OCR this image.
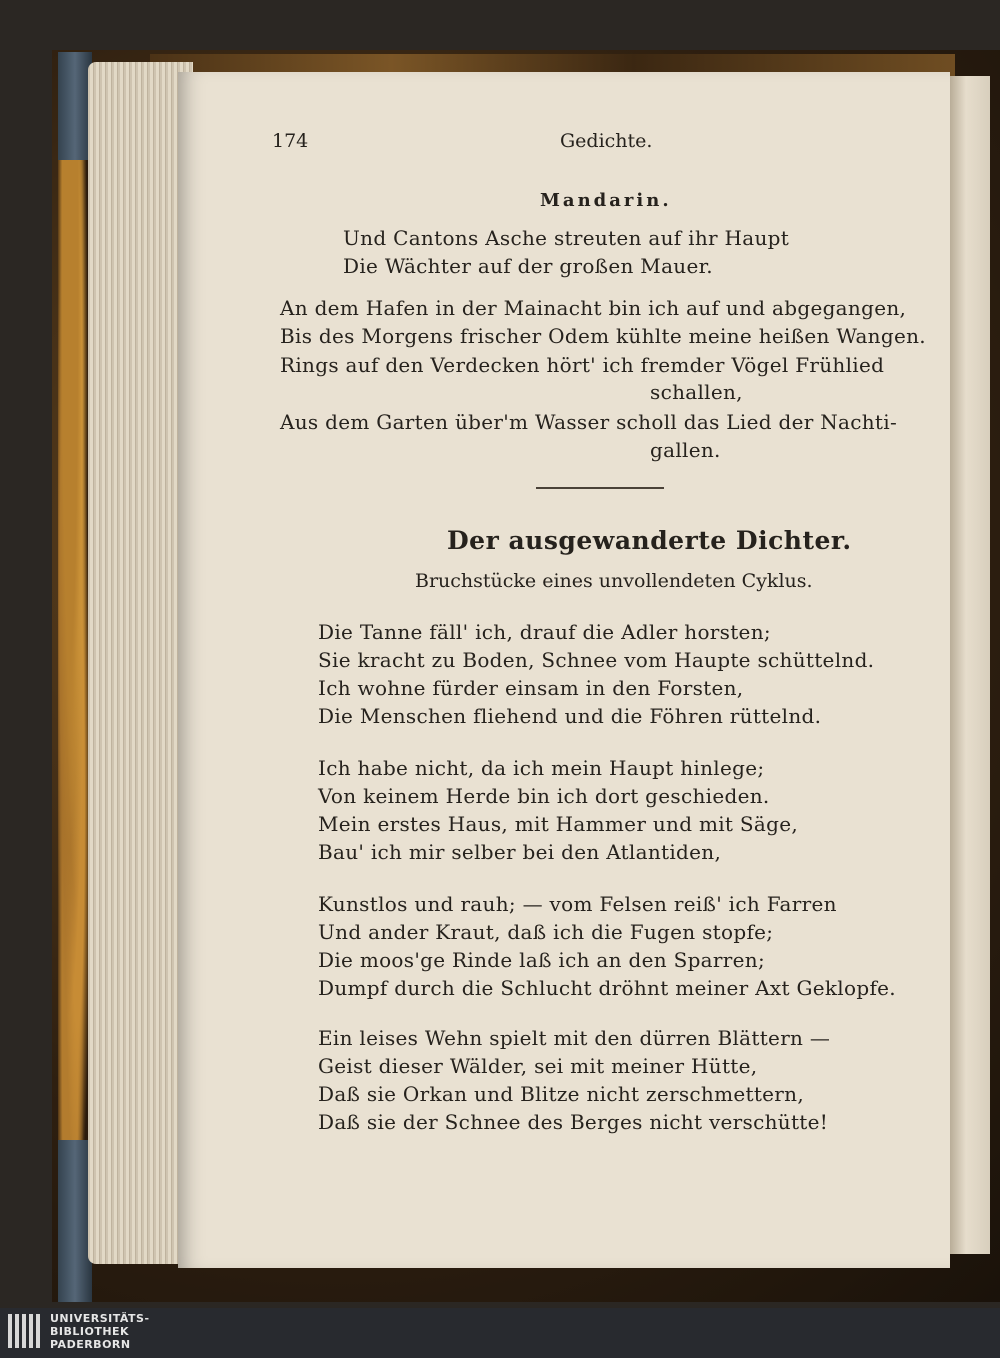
174	Gedichte.
Mandarin.
Und Cantons Asche streuten auf ihr Haupt
Die Wächter auf der großen Mauer.
An dem Hafen in der Mainacht bin ich auf und abgegangen,
Bis des Morgens frischer Odem kühlte meine heißen Wangen.
Rings auf den Verdecken hört' ich fremder Vögel Frühlied
schallen,
Aus dem Garten über'm Wasser scholl das Lied der Nachti-
gallen.
Der ausgewanderte Dichter.
Bruchstücke eines unvollendeten Cyklus.
Die Tanne fäll' ich, drauf die Adler horsten;
Sie kracht zu Boden, Schnee vom Haupte schüttelnd.
Ich wohne fürder einsam in den Forsten,
Die Menschen fliehend und die Föhren rüttelnd.
Ich habe nicht, da ich mein Haupt hinlege;
Von keinem Herde bin ich dort geschieden.
Mein erstes Haus, mit Hammer und mit Säge,
Bau' ich mir selber bei den Atlantiden,
Kunstlos und rauh; — vom Felsen reiß' ich Farren
Und ander Kraut, daß ich die Fugen stopfe;
Die moos'ge Rinde laß ich an den Sparren;
Dumpf durch die Schlucht dröhnt meiner Axt Geklopfe.
Ein leises Wehn spielt mit den dürren Blättern —
Geist dieser Wälder, sei mit meiner Hütte,
Daß sie Orkan und Blitze nicht zerschmettern,
Daß sie der Schnee des Berges nicht verschütte!
UNIVERSITÄTS-
BIBLIOTHEK
PADERBORN
